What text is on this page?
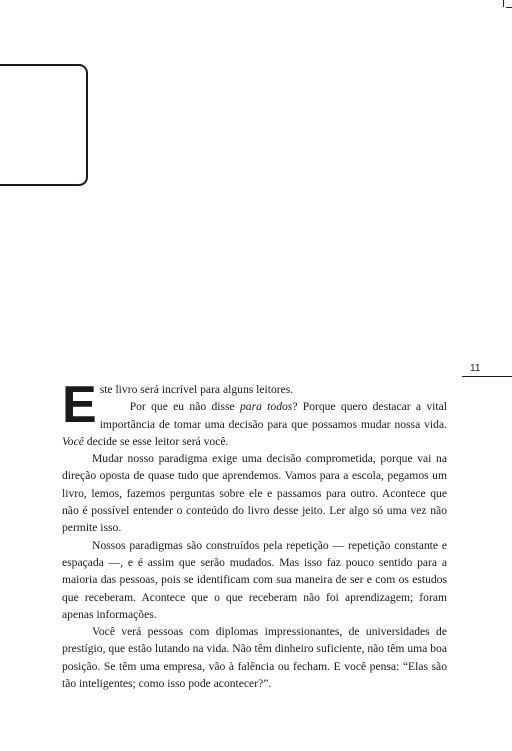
11

Este livro será incrível para alguns leitores.

Por que eu não disse para todos? Porque quero destacar a vital importância de tomar uma decisão para que possamos mudar nossa vida. Você decide se esse leitor será você.

Mudar nosso paradigma exige uma decisão comprometida, porque vai na direção oposta de quase tudo que aprendemos. Vamos para a escola, pegamos um livro, lemos, fazemos perguntas sobre ele e passamos para outro. Acontece que não é possível entender o conteúdo do livro desse jeito. Ler algo só uma vez não permite isso.

Nossos paradigmas são construídos pela repetição — repetição constante e espaçada —, e é assim que serão mudados. Mas isso faz pouco sentido para a maioria das pessoas, pois se identificam com sua maneira de ser e com os estudos que receberam. Acontece que o que receberam não foi aprendizagem; foram apenas informações.

Você verá pessoas com diplomas impressionantes, de universidades de prestígio, que estão lutando na vida. Não têm dinheiro suficiente, não têm uma boa posição. Se têm uma empresa, vão à falência ou fecham. E você pensa: “Elas são tão inteligentes; como isso pode acontecer?”.
